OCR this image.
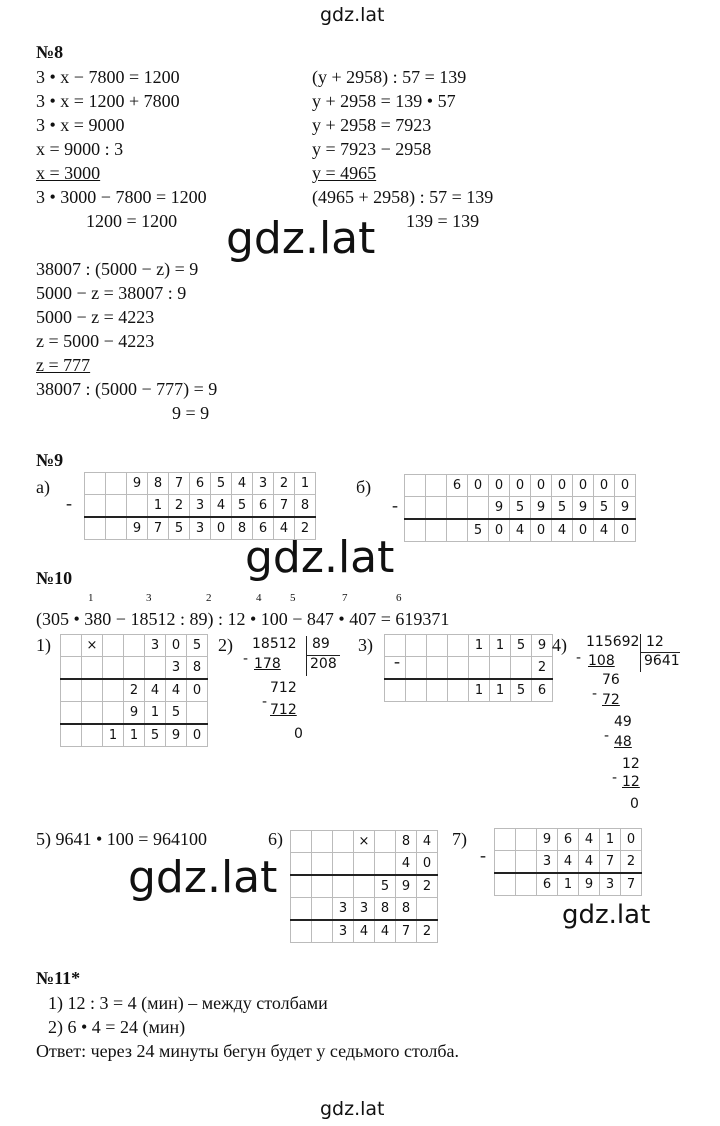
gdz.lat
gdz.lat
gdz.lat
gdz.lat
gdz.lat
gdz.lat
№8
3 • x − 7800 = 1200
3 • x = 1200 + 7800
3 • x = 9000
x = 9000 : 3
x = 3000
3 • 3000 − 7800 = 1200
1200 = 1200
(y + 2958) : 57 = 139
y + 2958 = 139 • 57
y + 2958 = 7923
y = 7923 − 2958
y = 4965
(4965 + 2958) : 57 = 139
139 = 139
38007 : (5000 − z) = 9
5000 − z = 38007 : 9
5000 − z = 4223
z = 5000 − 4223
z = 777
38007 : (5000 − 777) = 9
9 = 9
№9
а)	б)
-	-
		9	8	7	6	5	4	3	2	1
			1	2	3	4	5	6	7	8
		9	7	5	3	0	8	6	4	2
		6	0	0	0	0	0	0	0	0
				9	5	9	5	9	5	9
			5	0	4	0	4	0	4	0
№10
1	3	2	4	5	7	6
(305 • 380 − 18512 : 89) : 12 • 100 − 847 • 407 = 619371
1)
		×			3	0	5
					3	8
			2	4	4	0
			9	1	5	
		1	1	5	9	0
2)
-
18512 89
208
178
712
- 712
0
3)
-
				1	1	5	9
							2
				1	1	5	6
4)
-
115692 12
9641
108
76
- 72
49
- 48
12
- 12
0
5) 9641 • 100 = 964100	6)
				×		8	4
					4	0
				5	9	2
		3	3	8	8	
		3	4	4	7	2
7)
-
		9	6	4	1	0
		3	4	4	7	2
		6	1	9	3	7
№11*
1) 12 : 3 = 4 (мин) – между столбами
2) 6 • 4 = 24 (мин)
Ответ: через 24 минуты бегун будет у седьмого столба.
